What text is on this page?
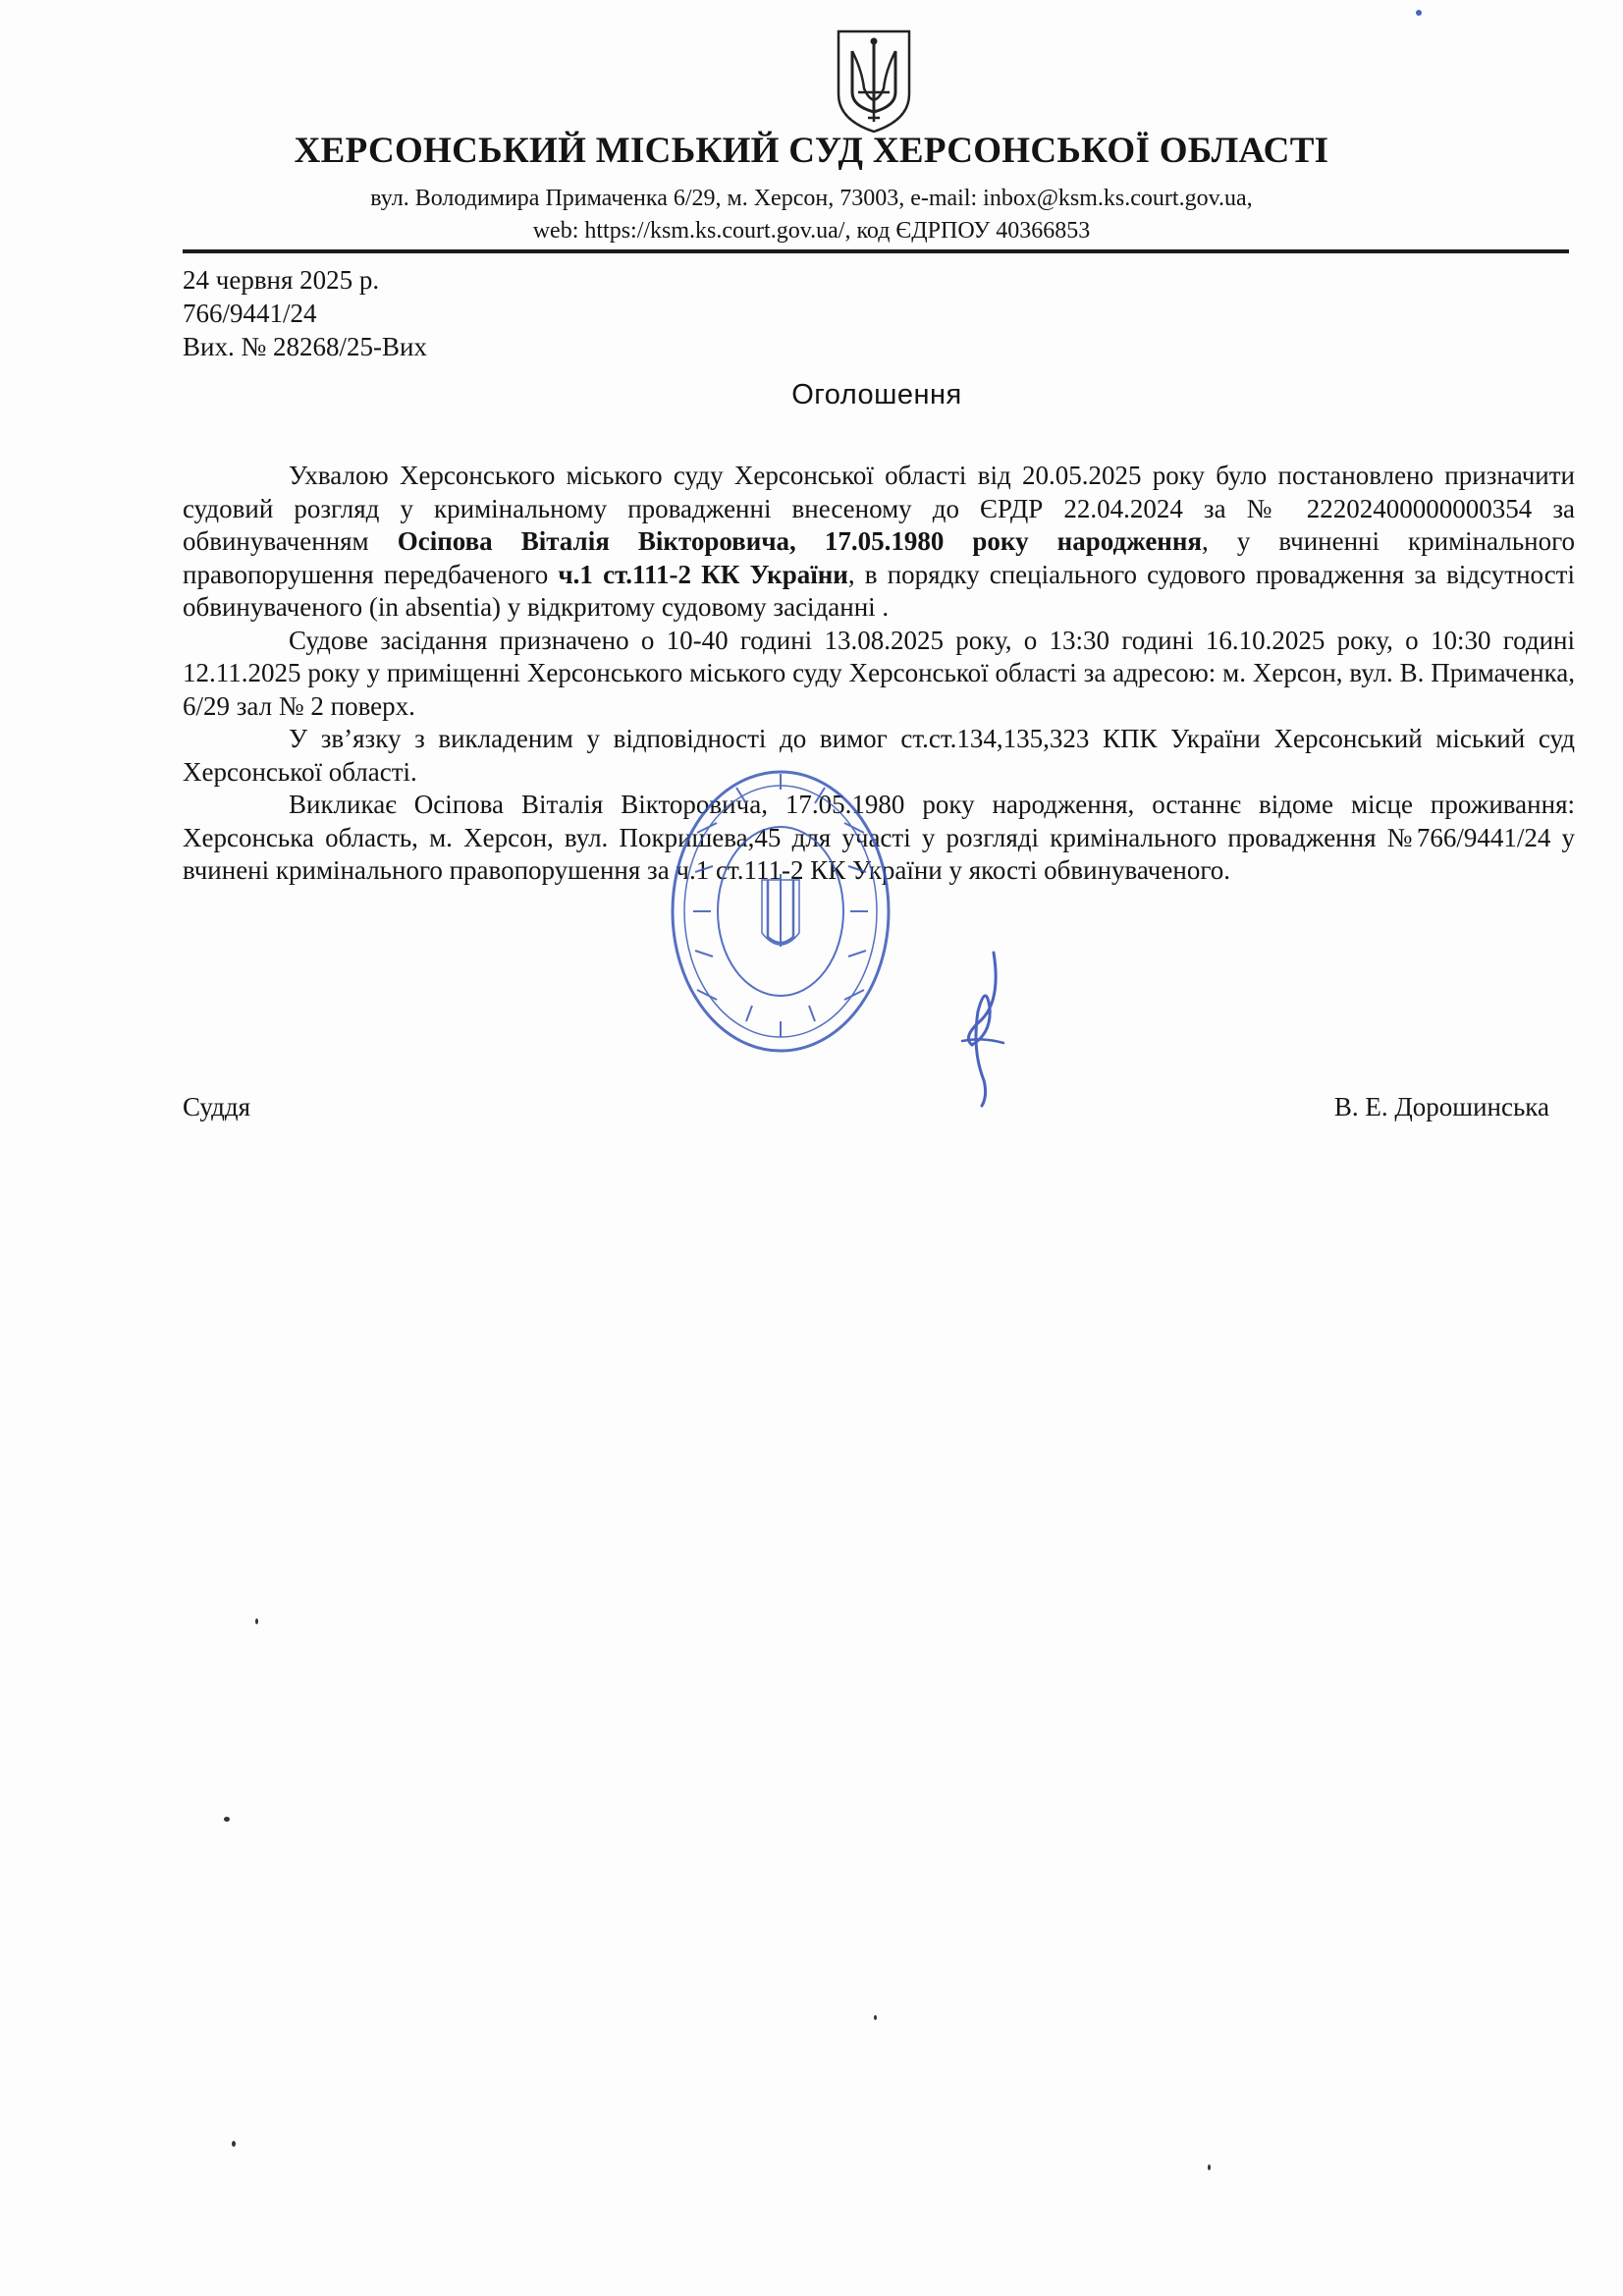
ХЕРСОНСЬКИЙ МІСЬКИЙ СУД ХЕРСОНСЬКОЇ ОБЛАСТІ
вул. Володимира Примаченка 6/29, м. Херсон, 73003, e-mail: inbox@ksm.ks.court.gov.ua,
web: https://ksm.ks.court.gov.ua/, код ЄДРПОУ 40366853
24 червня 2025 р.
766/9441/24
Вих. № 28268/25-Вих
Оголошення

Ухвалою Херсонського міського суду Херсонської області від 20.05.2025 року було постановлено призначити судовий розгляд у кримінальному провадженні внесеному до ЄРДР 22.04.2024 за № 22202400000000354 за обвинуваченням Осіпова Віталія Вікторовича, 17.05.1980 року народження, у вчиненні кримінального правопорушення передбаченого ч.1 ст.111-2 КК України, в порядку спеціального судового провадження за відсутності обвинуваченого (in absentia) у відкритому судовому засіданні .

Судове засідання призначено о 10-40 годині 13.08.2025 року, о 13:30 годині 16.10.2025 року, о 10:30 годині 12.11.2025 року у приміщенні Херсонського міського суду Херсонської області за адресою: м. Херсон, вул. В. Примаченка, 6/29 зал № 2 поверх.

У зв’язку з викладеним у відповідності до вимог ст.ст.134,135,323 КПК України Херсонський міський суд Херсонської області.

Викликає Осіпова Віталія Вікторовича, 17.05.1980 року народження, останнє відоме місце проживання: Херсонська область, м. Херсон, вул. Покришева,45 для участі у розгляді кримінального провадження №766/9441/24 у вчинені кримінального правопорушення за ч.1 ст.111-2 КК України у якості обвинуваченого.

Суддя	В. Е. Дорошинська
